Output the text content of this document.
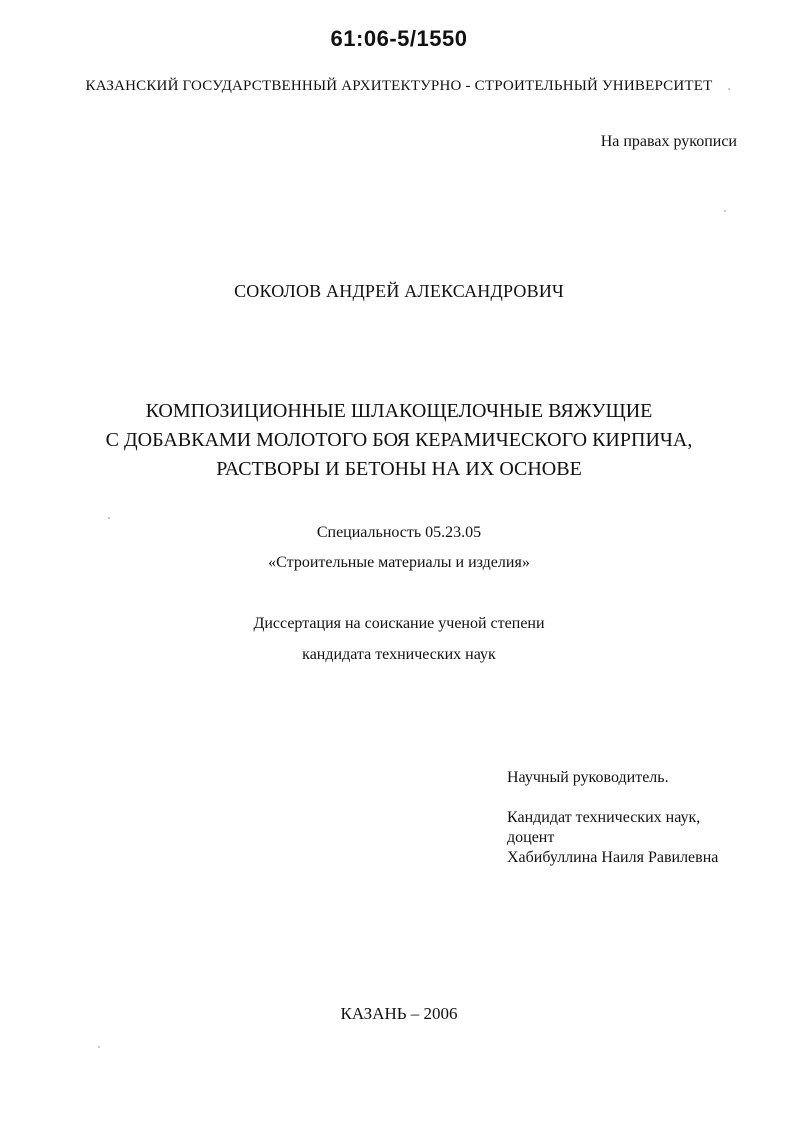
61:06-5/1550
КАЗАНСКИЙ ГОСУДАРСТВЕННЫЙ АРХИТЕКТУРНО - СТРОИТЕЛЬНЫЙ УНИВЕРСИТЕТ
На правах рукописи
СОКОЛОВ АНДРЕЙ АЛЕКСАНДРОВИЧ
КОМПОЗИЦИОННЫЕ ШЛАКОЩЕЛОЧНЫЕ ВЯЖУЩИЕ
С ДОБАВКАМИ МОЛОТОГО БОЯ КЕРАМИЧЕСКОГО КИРПИЧА,
РАСТВОРЫ И БЕТОНЫ НА ИХ ОСНОВЕ
Специальность 05.23.05
«Строительные материалы и изделия»
Диссертация на соискание ученой степени
кандидата технических наук
Научный руководитель.
Кандидат технических наук,
доцент
Хабибуллина Наиля Равилевна
КАЗАНЬ – 2006
